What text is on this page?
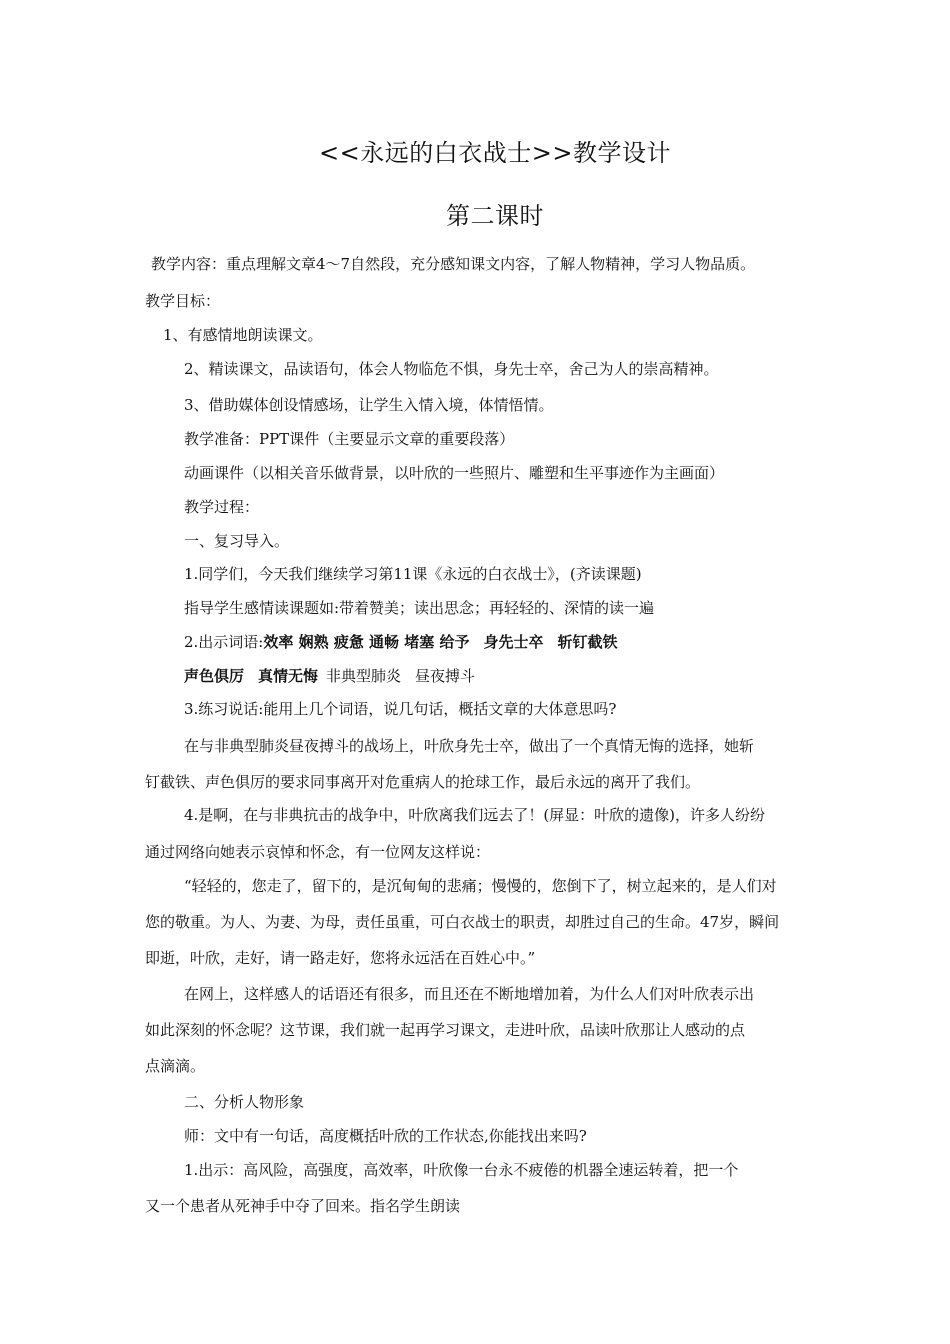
<<永远的白衣战士>>教学设计
第二课时
教学内容：重点理解文章4～7自然段，充分感知课文内容，了解人物精神，学习人物品质。
教学目标：
1、有感情地朗读课文。
2、精读课文，品读语句，体会人物临危不惧，身先士卒，舍己为人的崇高精神。
3、借助媒体创设情感场，让学生入情入境，体情悟情。
教学准备：PPT课件（主要显示文章的重要段落）
动画课件（以相关音乐做背景，以叶欣的一些照片、雕塑和生平事迹作为主画面）
教学过程：
一、复习导入。
1.同学们，今天我们继续学习第11课《永远的白衣战士》，(齐读课题)
指导学生感情读课题如:带着赞美；读出思念；再轻轻的、深情的读一遍
2.出示词语:效率 娴熟 疲惫 通畅 堵塞 给予 身先士卒 斩钉截铁
声色俱厉 真情无悔 非典型肺炎 昼夜搏斗
3.练习说话:能用上几个词语，说几句话，概括文章的大体意思吗?
在与非典型肺炎昼夜搏斗的战场上，叶欣身先士卒，做出了一个真情无悔的选择，她斩
钉截铁、声色俱厉的要求同事离开对危重病人的抢球工作，最后永远的离开了我们。
4.是啊，在与非典抗击的战争中，叶欣离我们远去了！(屏显：叶欣的遗像)，许多人纷纷
通过网络向她表示哀悼和怀念，有一位网友这样说：
“轻轻的，您走了，留下的，是沉甸甸的悲痛；慢慢的，您倒下了，树立起来的，是人们对
您的敬重。为人、为妻、为母，责任虽重，可白衣战士的职责，却胜过自己的生命。47岁，瞬间
即逝，叶欣，走好，请一路走好，您将永远活在百姓心中。”
在网上，这样感人的话语还有很多，而且还在不断地增加着，为什么人们对叶欣表示出
如此深刻的怀念呢？这节课，我们就一起再学习课文，走进叶欣，品读叶欣那让人感动的点
点滴滴。
二、分析人物形象
师：文中有一句话，高度概括叶欣的工作状态,你能找出来吗?
1.出示：高风险，高强度，高效率，叶欣像一台永不疲倦的机器全速运转着，把一个
又一个患者从死神手中夺了回来。指名学生朗读
